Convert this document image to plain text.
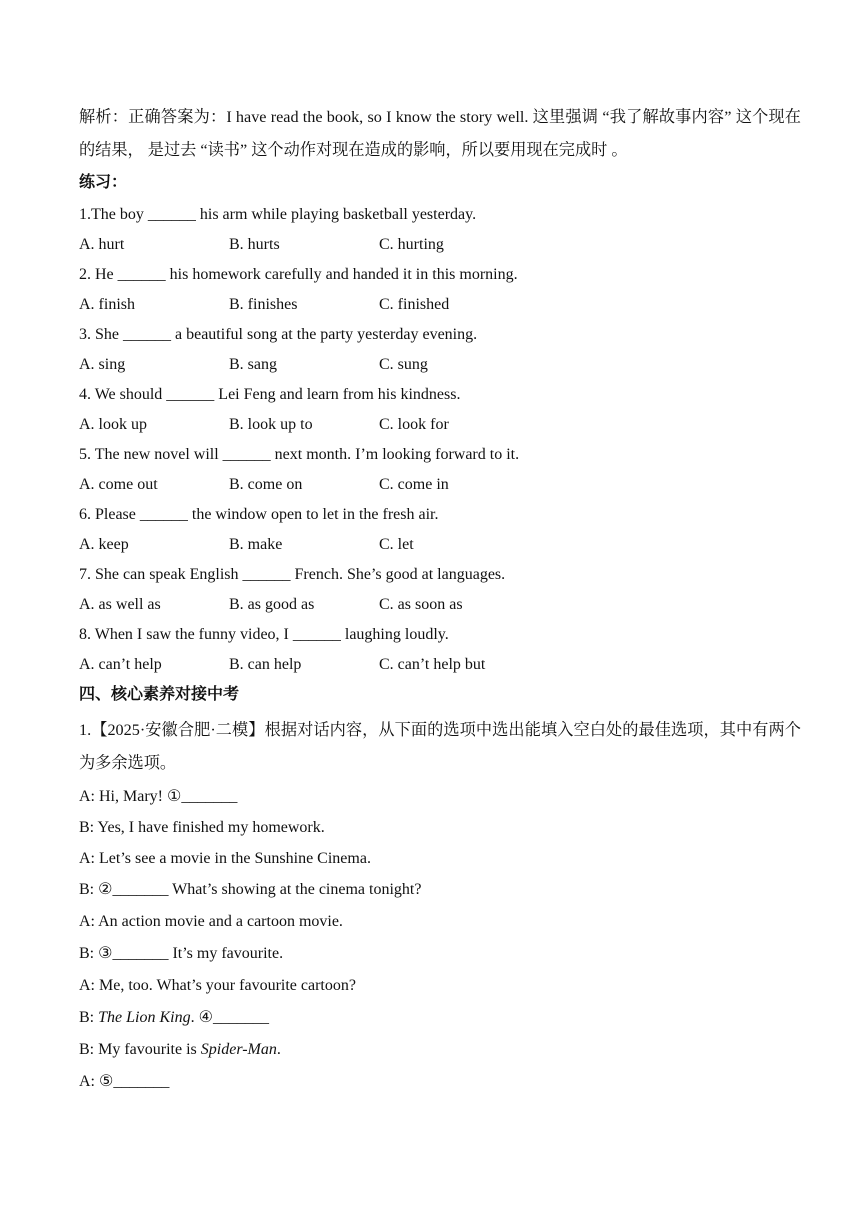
解析：正确答案为：I have read the book, so I know the story well. 这里强调 “我了解故事内容” 这个现在的结果， 是过去 “读书” 这个动作对现在造成的影响，所以要用现在完成时 。
练习：
1.The boy ______ his arm while playing basketball yesterday.
A. hurt	B. hurts	C. hurting
2. He ______ his homework carefully and handed it in this morning.
A. finish	B. finishes	C. finished
3. She ______ a beautiful song at the party yesterday evening.
A. sing	B. sang	C. sung
4. We should ______ Lei Feng and learn from his kindness.
A. look up	B. look up to	C. look for
5. The new novel will ______ next month. I’m looking forward to it.
A. come out	B. come on	C. come in
6. Please ______ the window open to let in the fresh air.
A. keep	B. make	C. let
7. She can speak English ______ French. She’s good at languages.
A. as well as	B. as good as	C. as soon as
8. When I saw the funny video, I ______ laughing loudly.
A. can’t help	B. can help	C. can’t help but
四、核心素养对接中考
1.【2025·安徽合肥·二模】根据对话内容，从下面的选项中选出能填入空白处的最佳选项，其中有两个为多余选项。
A: Hi, Mary! ①_______
B: Yes, I have finished my homework.
A: Let’s see a movie in the Sunshine Cinema.
B: ②_______ What’s showing at the cinema tonight?
A: An action movie and a cartoon movie.
B: ③_______ It’s my favourite.
A: Me, too. What’s your favourite cartoon?
B: The Lion King. ④_______
B: My favourite is Spider-Man.
A: ⑤_______
